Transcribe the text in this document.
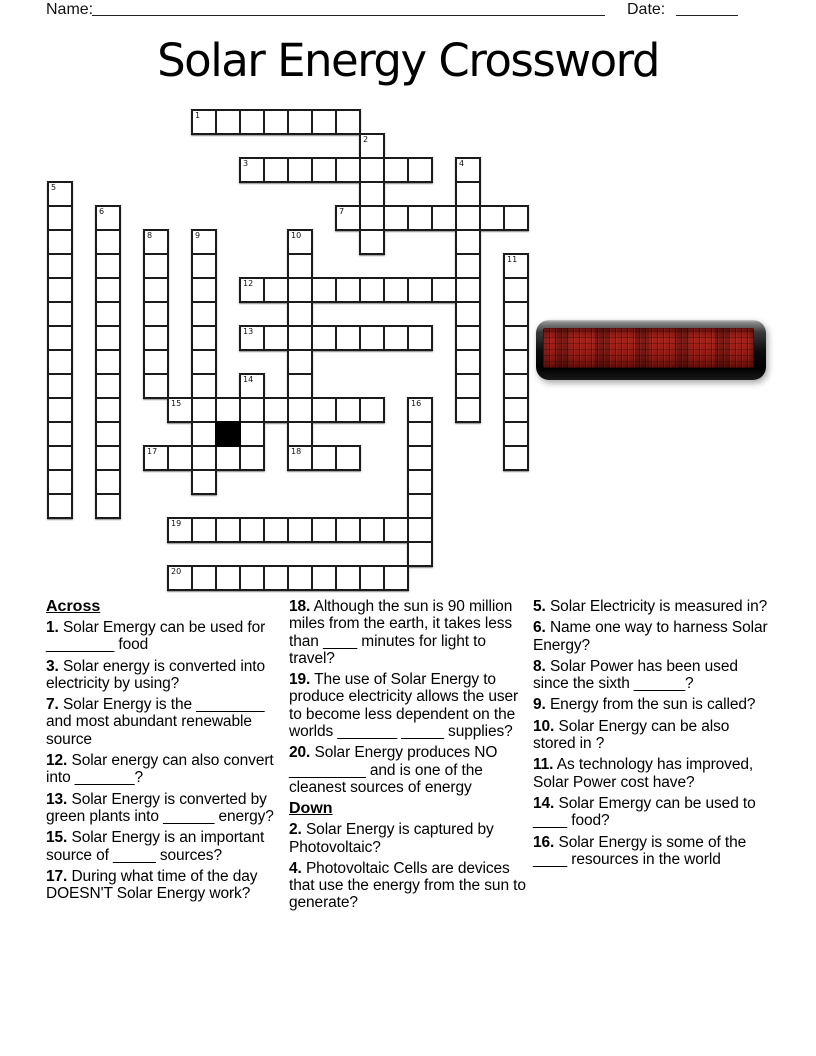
Name:	Date:
Solar Energy Crossword
1
2
3	4
5
6	7
8	9	10
11
12
13
14
15	16
17	18
19
20
Across

1. Solar Emergy can be used for ________ food

3. Solar energy is converted into electricity by using?

7. Solar Energy is the ________ and most abundant renewable source

12. Solar energy can also convert into _______?

13. Solar Energy is converted by green plants into ______ energy?

15. Solar Energy is an important source of _____ sources?

17. During what time of the day DOESN'T Solar Energy work?

18. Although the sun is 90 million miles from the earth, it takes less than ____ minutes for light to travel?

19. The use of Solar Energy to produce electricity allows the user to become less dependent on the worlds _______ _____ supplies?

20. Solar Energy produces NO _________ and is one of the cleanest sources of energy

Down

2. Solar Energy is captured by Photovoltaic?

4. Photovoltaic Cells are devices that use the energy from the sun to generate?

5. Solar Electricity is measured in?

6. Name one way to harness Solar Energy?

8. Solar Power has been used since the sixth ______?

9. Energy from the sun is called?

10. Solar Energy can be also stored in ?

11. As technology has improved, Solar Power cost have?

14. Solar Emergy can be used to ____ food?

16. Solar Energy is some of the ____ resources in the world
